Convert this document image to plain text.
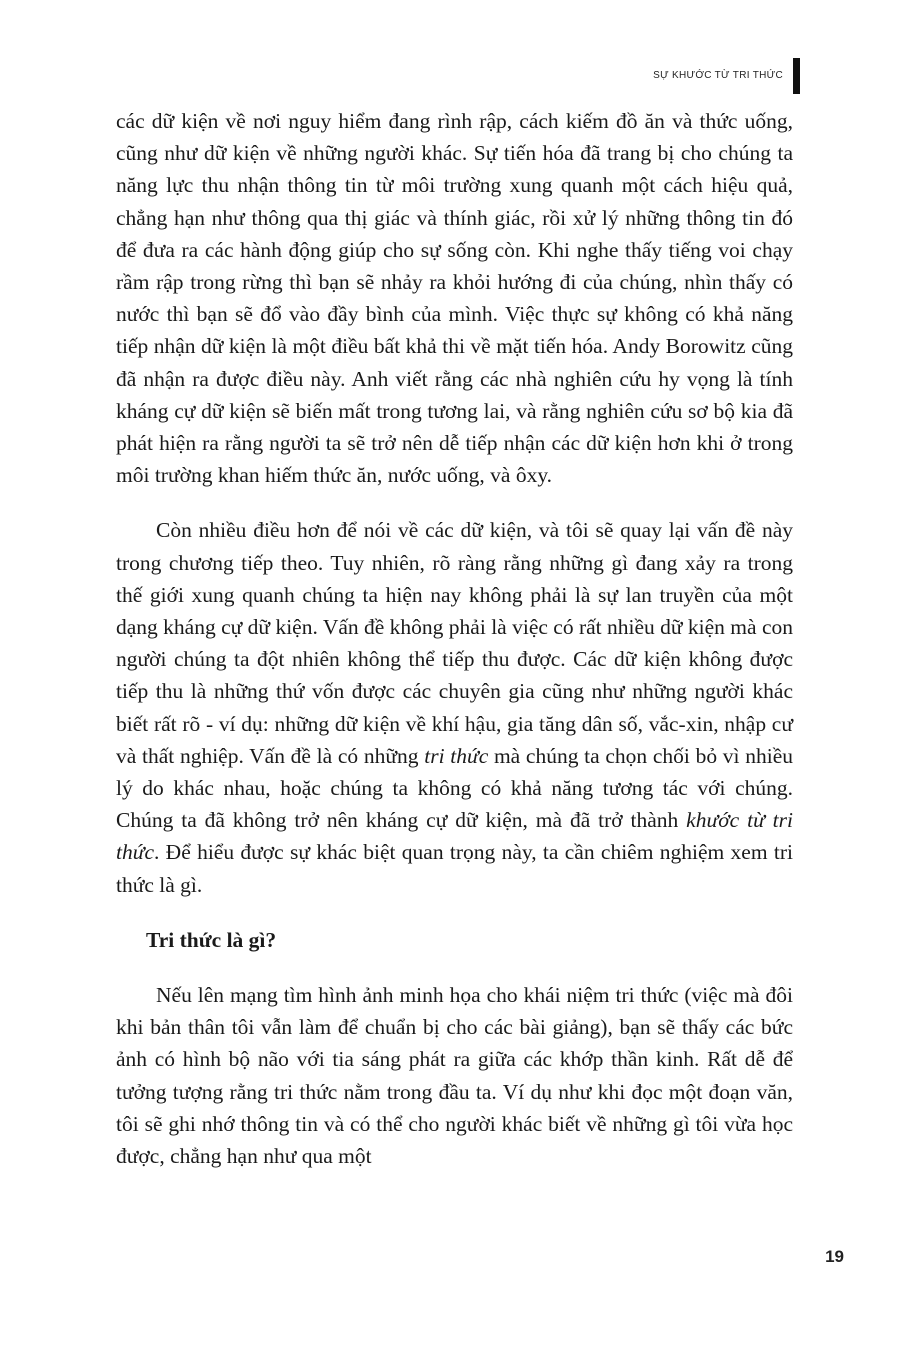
SỰ KHƯỚC TỪ TRI THỨC

các dữ kiện về nơi nguy hiểm đang rình rập, cách kiếm đồ ăn và thức uống, cũng như dữ kiện về những người khác. Sự tiến hóa đã trang bị cho chúng ta năng lực thu nhận thông tin từ môi trường xung quanh một cách hiệu quả, chẳng hạn như thông qua thị giác và thính giác, rồi xử lý những thông tin đó để đưa ra các hành động giúp cho sự sống còn. Khi nghe thấy tiếng voi chạy rầm rập trong rừng thì bạn sẽ nhảy ra khỏi hướng đi của chúng, nhìn thấy có nước thì bạn sẽ đổ vào đầy bình của mình. Việc thực sự không có khả năng tiếp nhận dữ kiện là một điều bất khả thi về mặt tiến hóa. Andy Borowitz cũng đã nhận ra được điều này. Anh viết rằng các nhà nghiên cứu hy vọng là tính kháng cự dữ kiện sẽ biến mất trong tương lai, và rằng nghiên cứu sơ bộ kia đã phát hiện ra rằng người ta sẽ trở nên dễ tiếp nhận các dữ kiện hơn khi ở trong môi trường khan hiếm thức ăn, nước uống, và ôxy.

Còn nhiều điều hơn để nói về các dữ kiện, và tôi sẽ quay lại vấn đề này trong chương tiếp theo. Tuy nhiên, rõ ràng rằng những gì đang xảy ra trong thế giới xung quanh chúng ta hiện nay không phải là sự lan truyền của một dạng kháng cự dữ kiện. Vấn đề không phải là việc có rất nhiều dữ kiện mà con người chúng ta đột nhiên không thể tiếp thu được. Các dữ kiện không được tiếp thu là những thứ vốn được các chuyên gia cũng như những người khác biết rất rõ - ví dụ: những dữ kiện về khí hậu, gia tăng dân số, vắc-xin, nhập cư và thất nghiệp. Vấn đề là có những tri thức mà chúng ta chọn chối bỏ vì nhiều lý do khác nhau, hoặc chúng ta không có khả năng tương tác với chúng. Chúng ta đã không trở nên kháng cự dữ kiện, mà đã trở thành khước từ tri thức. Để hiểu được sự khác biệt quan trọng này, ta cần chiêm nghiệm xem tri thức là gì.

Tri thức là gì?

Nếu lên mạng tìm hình ảnh minh họa cho khái niệm tri thức (việc mà đôi khi bản thân tôi vẫn làm để chuẩn bị cho các bài giảng), bạn sẽ thấy các bức ảnh có hình bộ não với tia sáng phát ra giữa các khớp thần kinh. Rất dễ để tưởng tượng rằng tri thức nằm trong đầu ta. Ví dụ như khi đọc một đoạn văn, tôi sẽ ghi nhớ thông tin và có thể cho người khác biết về những gì tôi vừa học được, chẳng hạn như qua một

19
